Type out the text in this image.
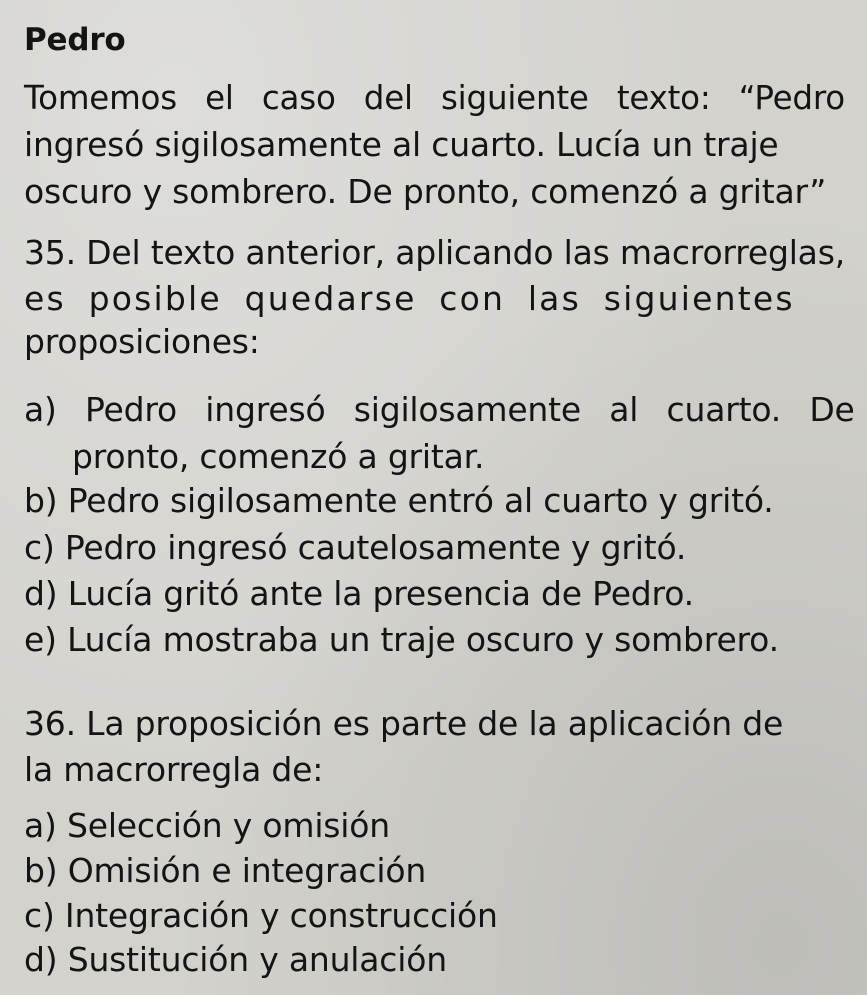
Pedro
Tomemos el caso del siguiente texto: “Pedro
ingresó sigilosamente al cuarto. Lucía un traje
oscuro y sombrero. De pronto, comenzó a gritar”
35. Del texto anterior, aplicando las macrorreglas,
es posible quedarse con las siguientes
proposiciones:
a) Pedro ingresó sigilosamente al cuarto. De
pronto, comenzó a gritar.
b) Pedro sigilosamente entró al cuarto y gritó.
c) Pedro ingresó cautelosamente y gritó.
d) Lucía gritó ante la presencia de Pedro.
e) Lucía mostraba un traje oscuro y sombrero.
36. La proposición es parte de la aplicación de
la macrorregla de:
a) Selección y omisión
b) Omisión e integración
c) Integración y construcción
d) Sustitución y anulación
